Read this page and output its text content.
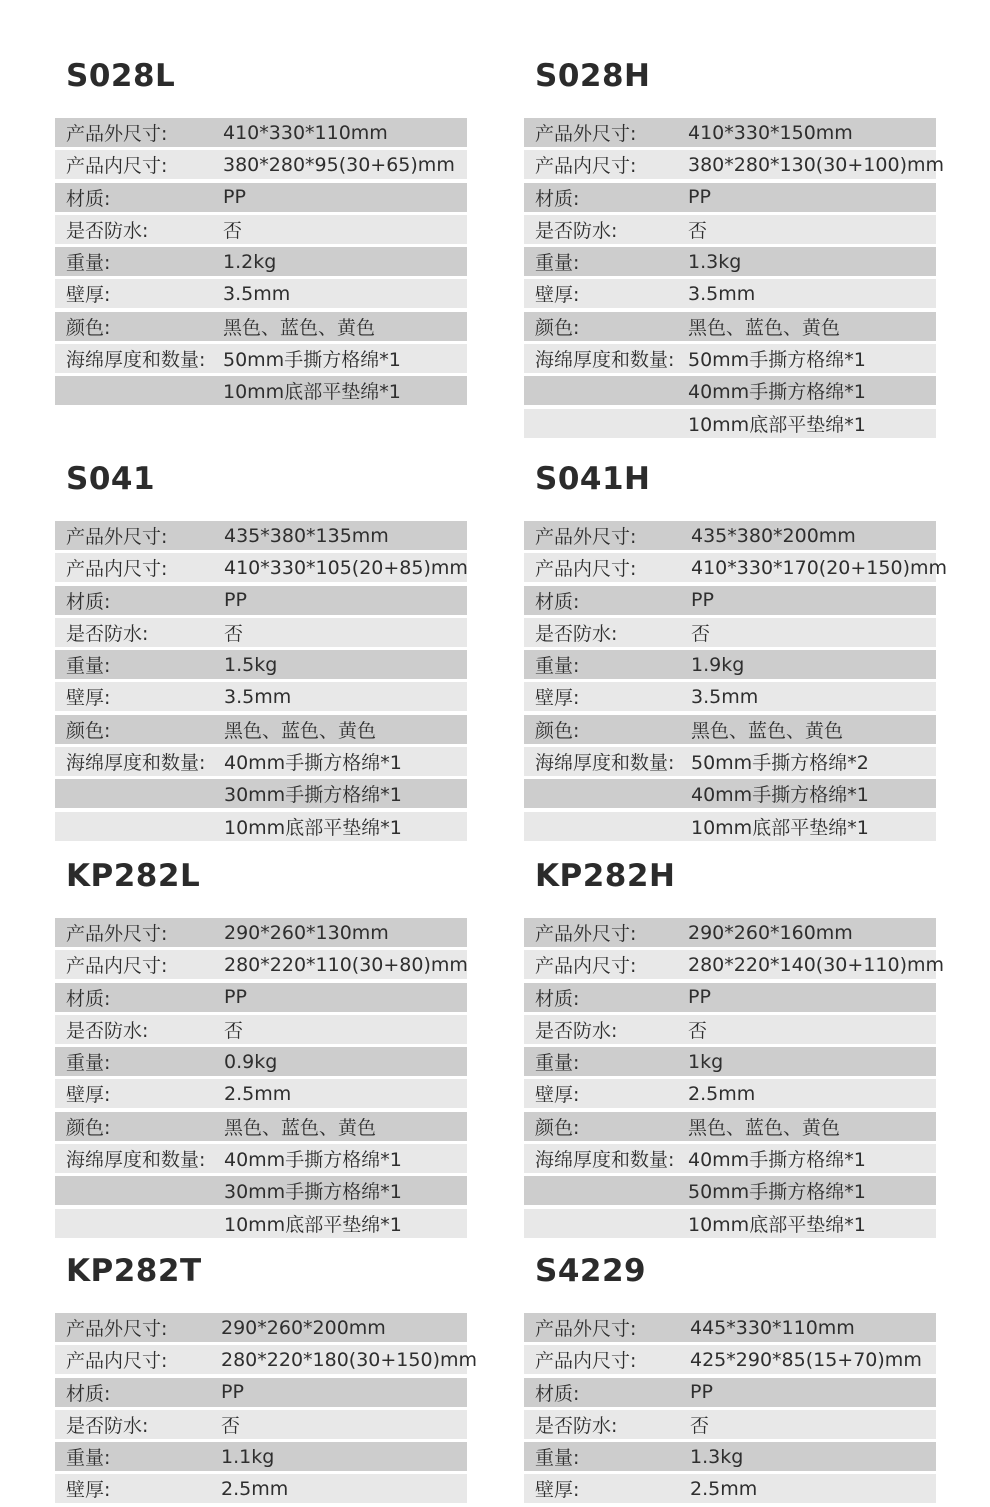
S028L
产品外尺寸:	410*330*110mm
产品内尺寸:	380*280*95(30+65)mm
材质:	PP
是否防水:	否
重量:	1.2kg
壁厚:	3.5mm
颜色:	黑色、蓝色、黄色
海绵厚度和数量: 50mm手撕方格绵*1
10mm底部平垫绵*1
S028H
产品外尺寸:	410*330*150mm
产品内尺寸:	380*280*130(30+100)mm
材质:	PP
是否防水:	否
重量:	1.3kg
壁厚:	3.5mm
颜色:	黑色、蓝色、黄色
海绵厚度和数量: 50mm手撕方格绵*1
40mm手撕方格绵*1
10mm底部平垫绵*1
S041
产品外尺寸:	435*380*135mm
产品内尺寸:	410*330*105(20+85)mm
材质:	PP
是否防水:	否
重量:	1.5kg
壁厚:	3.5mm
颜色:	黑色、蓝色、黄色
海绵厚度和数量: 40mm手撕方格绵*1
30mm手撕方格绵*1
10mm底部平垫绵*1
S041H
产品外尺寸:	435*380*200mm
产品内尺寸:	410*330*170(20+150)mm
材质:	PP
是否防水:	否
重量:	1.9kg
壁厚:	3.5mm
颜色:	黑色、蓝色、黄色
海绵厚度和数量: 50mm手撕方格绵*2
40mm手撕方格绵*1
10mm底部平垫绵*1
KP282L
产品外尺寸:	290*260*130mm
产品内尺寸:	280*220*110(30+80)mm
材质:	PP
是否防水:	否
重量:	0.9kg
壁厚:	2.5mm
颜色:	黑色、蓝色、黄色
海绵厚度和数量: 40mm手撕方格绵*1
30mm手撕方格绵*1
10mm底部平垫绵*1
KP282H
产品外尺寸:	290*260*160mm
产品内尺寸:	280*220*140(30+110)mm
材质:	PP
是否防水:	否
重量:	1kg
壁厚:	2.5mm
颜色:	黑色、蓝色、黄色
海绵厚度和数量: 40mm手撕方格绵*1
50mm手撕方格绵*1
10mm底部平垫绵*1
KP282T
产品外尺寸:	290*260*200mm
产品内尺寸:	280*220*180(30+150)mm
材质:	PP
是否防水:	否
重量:	1.1kg
壁厚:	2.5mm
S4229
产品外尺寸:	445*330*110mm
产品内尺寸:	425*290*85(15+70)mm
材质:	PP
是否防水:	否
重量:	1.3kg
壁厚:	2.5mm
